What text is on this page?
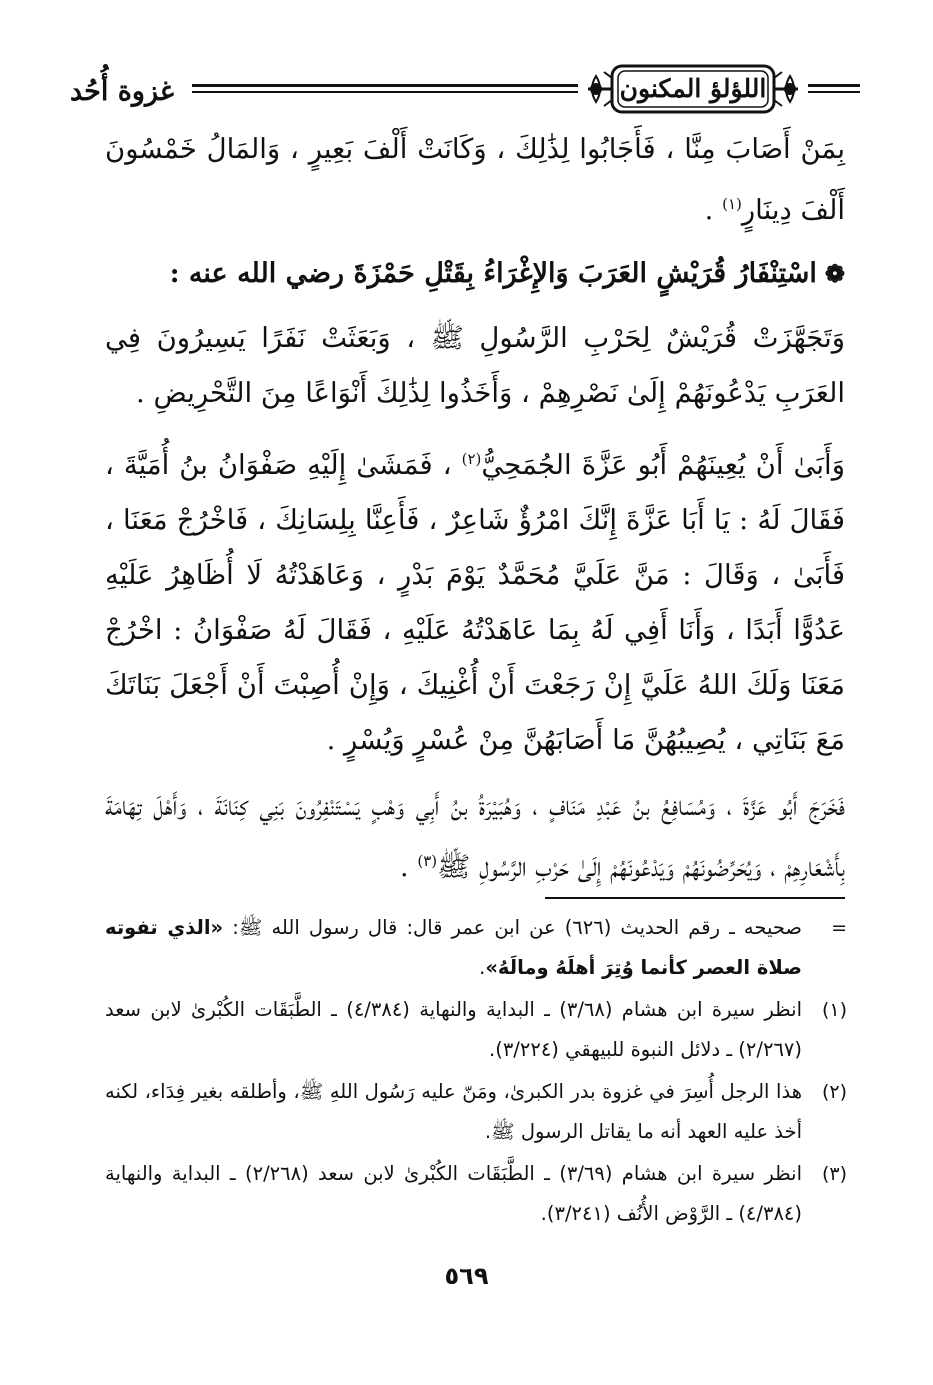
اللؤلؤ المكنون
غزوة أُحُد

بِمَنْ أَصَابَ مِنَّا ، فَأَجَابُوا لِذَٰلِكَ ، وَكَانَتْ أَلْفَ بَعِيرٍ ، وَالمَالُ خَمْسُونَ أَلْفَ دِينَارٍ$^{(١)}$ .

❁اسْتِنْفَارُ قُرَيْشٍ العَرَبَ وَالإِغْرَاءُ بِقَتْلِ حَمْزَةَ رضي الله عنه :

وَتَجَهَّزَتْ قُرَيْشٌ لِحَرْبِ الرَّسُولِ ﷺ ، وَبَعَثَتْ نَفَرًا يَسِيرُونَ فِي العَرَبِ يَدْعُونَهُمْ إِلَىٰ نَصْرِهِمْ ، وَأَخَذُوا لِذَٰلِكَ أَنْوَاعًا مِنَ التَّحْرِيضِ .

وَأَبَىٰ أَنْ يُعِينَهُمْ أَبُو عَزَّةَ الجُمَحِيُّ$^{(٢)}$ ، فَمَشَىٰ إِلَيْهِ صَفْوَانُ بنُ أُمَيَّةَ ، فَقَالَ لَهُ : يَا أَبَا عَزَّةَ إِنَّكَ امْرُؤٌ شَاعِرٌ ، فَأَعِنَّا بِلِسَانِكَ ، فَاخْرُجْ مَعَنَا ، فَأَبَىٰ ، وَقَالَ : مَنَّ عَلَيَّ مُحَمَّدٌ يَوْمَ بَدْرٍ ، وَعَاهَدْتُهُ لَا أُظَاهِرُ عَلَيْهِ عَدُوًّا أَبَدًا ، وَأَنَا أَفِي لَهُ بِمَا عَاهَدْتُهُ عَلَيْهِ ، فَقَالَ لَهُ صَفْوَانُ : اخْرُجْ مَعَنَا وَلَكَ اللهُ عَلَيَّ إِنْ رَجَعْتَ أَنْ أُغْنِيكَ ، وَإِنْ أُصِبْتَ أَنْ أَجْعَلَ بَنَاتَكَ مَعَ بَنَاتِي ، يُصِيبُهُنَّ مَا أَصَابَهُنَّ مِنْ عُسْرٍ وَيُسْرٍ .

فَخَرَجَ أَبُو عَزَّةَ ، وَمُسَافِعُ بنُ عَبْدِ مَنَافٍ ، وَهُبَيْرَةُ بنُ أَبِي وَهْبٍ يَسْتَنْفِرُونَ بَنِي كِنَانَةَ ، وَأَهْلَ تِهَامَةَ بِأَشْعَارِهِمْ ، وَيُحَرِّضُونَهُمْ وَيَدْعُونَهُمْ إِلَىٰ حَرْبِ الرَّسُولِ ﷺ$^{(٣)}$ .

=
صحيحه ـ رقم الحديث (٦٢٦) عن ابن عمر قال: قال رسول الله ﷺ: «الذي تفوته صلاة العصر كأنما وُتِرَ أهلَهُ ومالَهُ».
(١)
انظر سيرة ابن هشام (٣/٦٨) ـ البداية والنهاية (٤/٣٨٤) ـ الطَّبَقَات الكُبْرىٰ لابن سعد (٢/٢٦٧) ـ دلائل النبوة للبيهقي (٣/٢٢٤).
(٢)
هذا الرجل أُسِرَ في غزوة بدر الكبرىٰ، ومَنّ عليه رَسُول اللهِ ﷺ، وأطلقه بغير فِدَاء، لكنه أخذ عليه العهد أنه ما يقاتل الرسول ﷺ.
(٣)
انظر سيرة ابن هشام (٣/٦٩) ـ الطَّبَقَات الكُبْرىٰ لابن سعد (٢/٢٦٨) ـ البداية والنهاية (٤/٣٨٤) ـ الرَّوْض الأُنُف (٣/٢٤١).
٥٦٩
